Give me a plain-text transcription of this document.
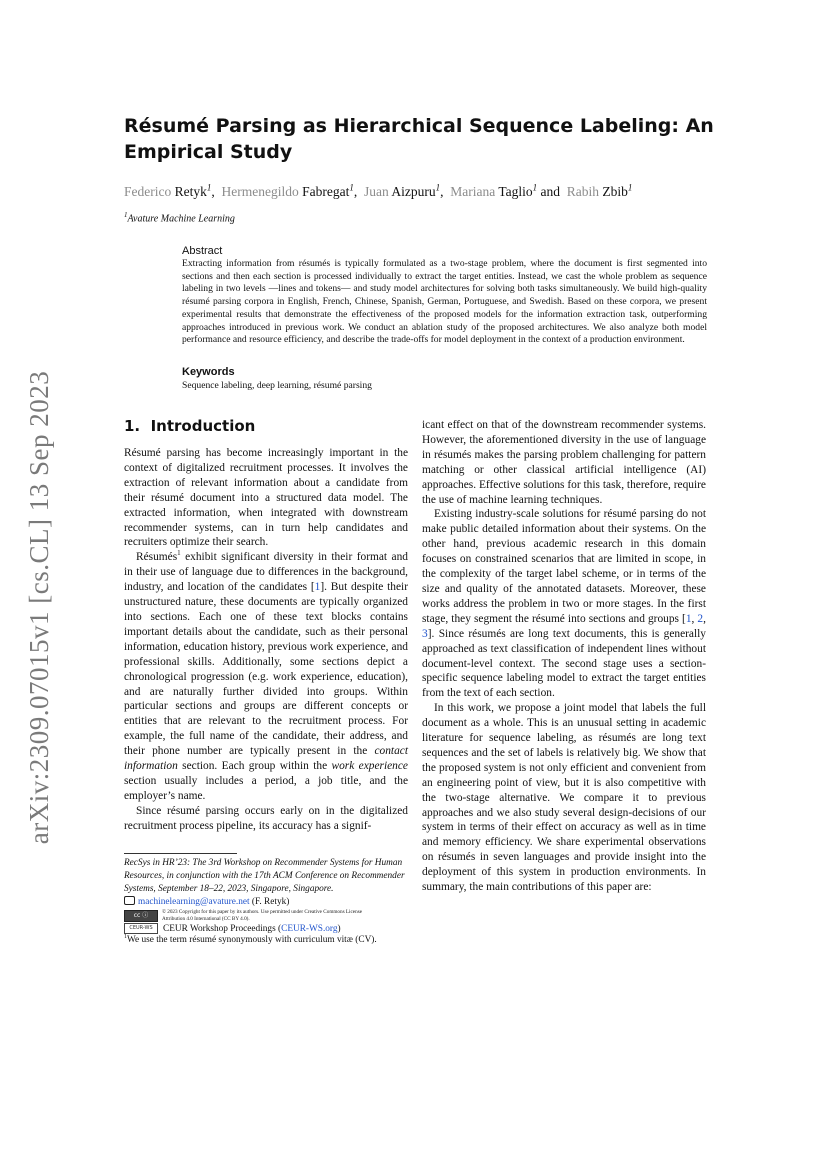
arXiv:2309.07015v1 [cs.CL] 13 Sep 2023
Résumé Parsing as Hierarchical Sequence Labeling: An Empirical Study
Federico Retyk$^1$, Hermenegildo Fabregat$^1$, Juan Aizpuru$^1$, Mariana Taglio$^1$ and Rabih Zbib$^1$
$^1$Avature Machine Learning
Abstract
Extracting information from résumés is typically formulated as a two-stage problem, where the document is first segmented into sections and then each section is processed individually to extract the target entities. Instead, we cast the whole problem as sequence labeling in two levels —lines and tokens— and study model architectures for solving both tasks simultaneously. We build high-quality résumé parsing corpora in English, French, Chinese, Spanish, German, Portuguese, and Swedish. Based on these corpora, we present experimental results that demonstrate the effectiveness of the proposed models for the information extraction task, outperforming approaches introduced in previous work. We conduct an ablation study of the proposed architectures. We also analyze both model performance and resource efficiency, and describe the trade-offs for model deployment in the context of a production environment.
Keywords
Sequence labeling, deep learning, résumé parsing
1. Introduction

Résumé parsing has become increasingly important in the context of digitalized recruitment processes. It involves the extraction of relevant information about a candidate from their résumé document into a structured data model. The extracted information, when integrated with downstream recommender systems, can in turn help candidates and recruiters optimize their search.

Résumés$^1$ exhibit significant diversity in their format and in their use of language due to differences in the background, industry, and location of the candidates [1]. But despite their unstructured nature, these documents are typically organized into sections. Each one of these text blocks contains important details about the candidate, such as their personal information, education history, previous work experience, and professional skills. Additionally, some sections depict a chronological progression (e.g. work experience, education), and are naturally further divided into groups. Within particular sections and groups are different concepts or entities that are relevant to the recruitment process. For example, the full name of the candidate, their address, and their phone number are typically present in the contact information section. Each group within the work experience section usually includes a period, a job title, and the employer’s name.

Since résumé parsing occurs early on in the digitalized recruitment process pipeline, its accuracy has a signif-

icant effect on that of the downstream recommender systems. However, the aforementioned diversity in the use of language in résumés makes the parsing problem challenging for pattern matching or other classical artificial intelligence (AI) approaches. Effective solutions for this task, therefore, require the use of machine learning techniques.

Existing industry-scale solutions for résumé parsing do not make public detailed information about their systems. On the other hand, previous academic research in this domain focuses on constrained scenarios that are limited in scope, in the complexity of the target label scheme, or in terms of the size and quality of the annotated datasets. Moreover, these works address the problem in two or more stages. In the first stage, they segment the résumé into sections and groups [1, 2, 3]. Since résumés are long text documents, this is generally approached as text classification of independent lines without document-level context. The second stage uses a section-specific sequence labeling model to extract the target entities from the text of each section.

In this work, we propose a joint model that labels the full document as a whole. This is an unusual setting in academic literature for sequence labeling, as résumés are long text sequences and the set of labels is relatively big. We show that the proposed system is not only efficient and convenient from an engineering point of view, but it is also competitive with the two-stage alternative. We compare it to previous approaches and we also study several design-decisions of our system in terms of their effect on accuracy as well as in time and memory efficiency. We share experimental observations on résumés in seven languages and provide insight into the deployment of this system in production environments. In summary, the main contributions of this paper are:

RecSys in HR’23: The 3rd Workshop on Recommender Systems for Human Resources, in conjunction with the 17th ACM Conference on Recommender Systems, September 18–22, 2023, Singapore, Singapore.
machinelearning@avature.net (F. Retyk)
cc ⓘ	© 2023 Copyright for this paper by its authors. Use permitted under Creative Commons License
Attribution 4.0 International (CC BY 4.0).
CEUR-WS	CEUR Workshop Proceedings ( CEUR-WS.org )
$^1$We use the term résumé synonymously with curriculum vitæ (CV).
